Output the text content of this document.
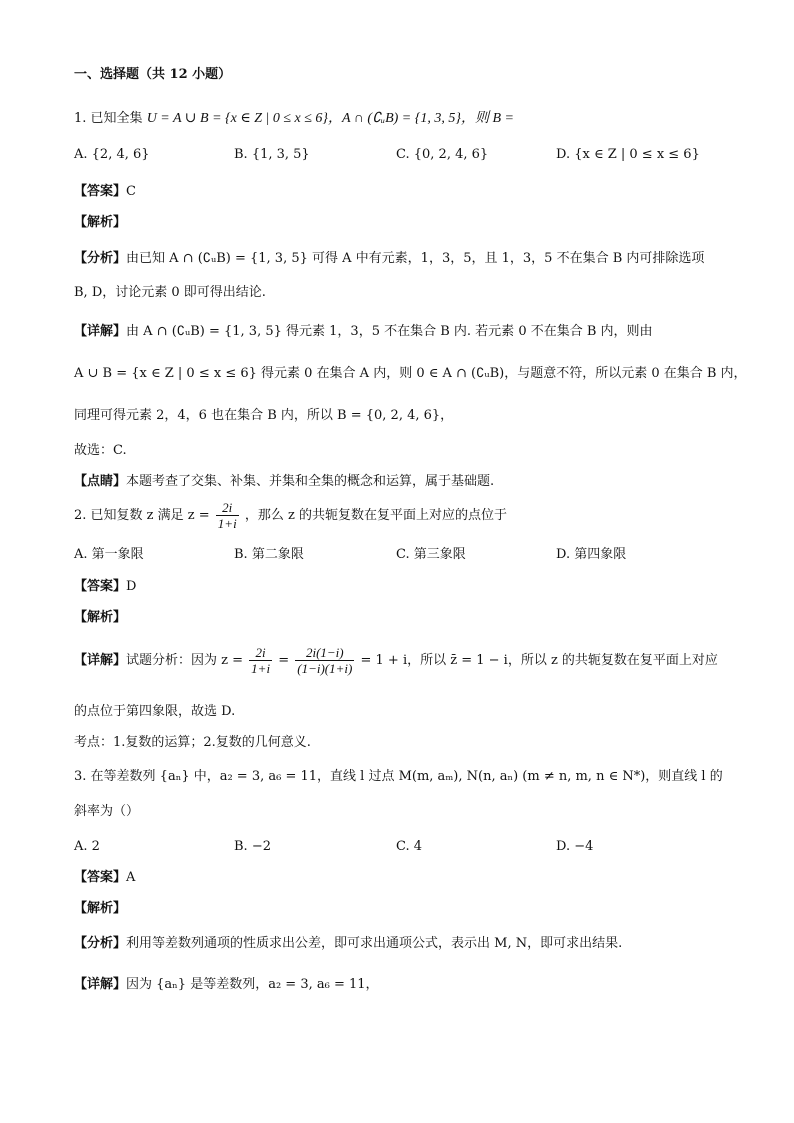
一、选择题（共 12 小题）
1. 已知全集 U = A ∪ B = {x ∈ Z | 0 ≤ x ≤ 6}，A ∩ (∁ᵤB) = {1, 3, 5}，则 B =
A. {2, 4, 6}	B. {1, 3, 5}	C. {0, 2, 4, 6}	D. {x ∈ Z | 0 ≤ x ≤ 6}
【答案】C
【解析】
【分析】由已知 A ∩ (∁ᵤB) = {1, 3, 5} 可得 A 中有元素，1，3，5，且 1，3，5 不在集合 B 内可排除选项
B, D，讨论元素 0 即可得出结论.
【详解】由 A ∩ (∁ᵤB) = {1, 3, 5} 得元素 1，3，5 不在集合 B 内. 若元素 0 不在集合 B 内，则由
A ∪ B = {x ∈ Z | 0 ≤ x ≤ 6} 得元素 0 在集合 A 内，则 0 ∈ A ∩ (∁ᵤB)，与题意不符，所以元素 0 在集合 B 内，
同理可得元素 2，4，6 也在集合 B 内，所以 B = {0, 2, 4, 6}，
故选：C.
【点睛】本题考查了交集、补集、并集和全集的概念和运算，属于基础题.
2. 已知复数 z 满足 $z = \frac{2i}{1+i}$ ，那么 z 的共轭复数在复平面上对应的点位于
A. 第一象限	B. 第二象限	C. 第三象限	D. 第四象限
【答案】D
【解析】
【详解】试题分析：因为 $z = \frac{2i}{1+i} = \frac{2i(1-i)}{(1-i)(1+i)} = 1 + i$，所以 z̄ = 1 − i，所以 z 的共轭复数在复平面上对应
的点位于第四象限，故选 D.
考点：1.复数的运算；2.复数的几何意义.
3. 在等差数列 {aₙ} 中，a₂ = 3, a₆ = 11，直线 l 过点 M(m, aₘ), N(n, aₙ) (m ≠ n, m, n ∈ N*)，则直线 l 的
斜率为（）
A. 2	B. −2	C. 4	D. −4
【答案】A
【解析】
【分析】利用等差数列通项的性质求出公差，即可求出通项公式，表示出 M, N，即可求出结果.
【详解】因为 {aₙ} 是等差数列，a₂ = 3, a₆ = 11，
